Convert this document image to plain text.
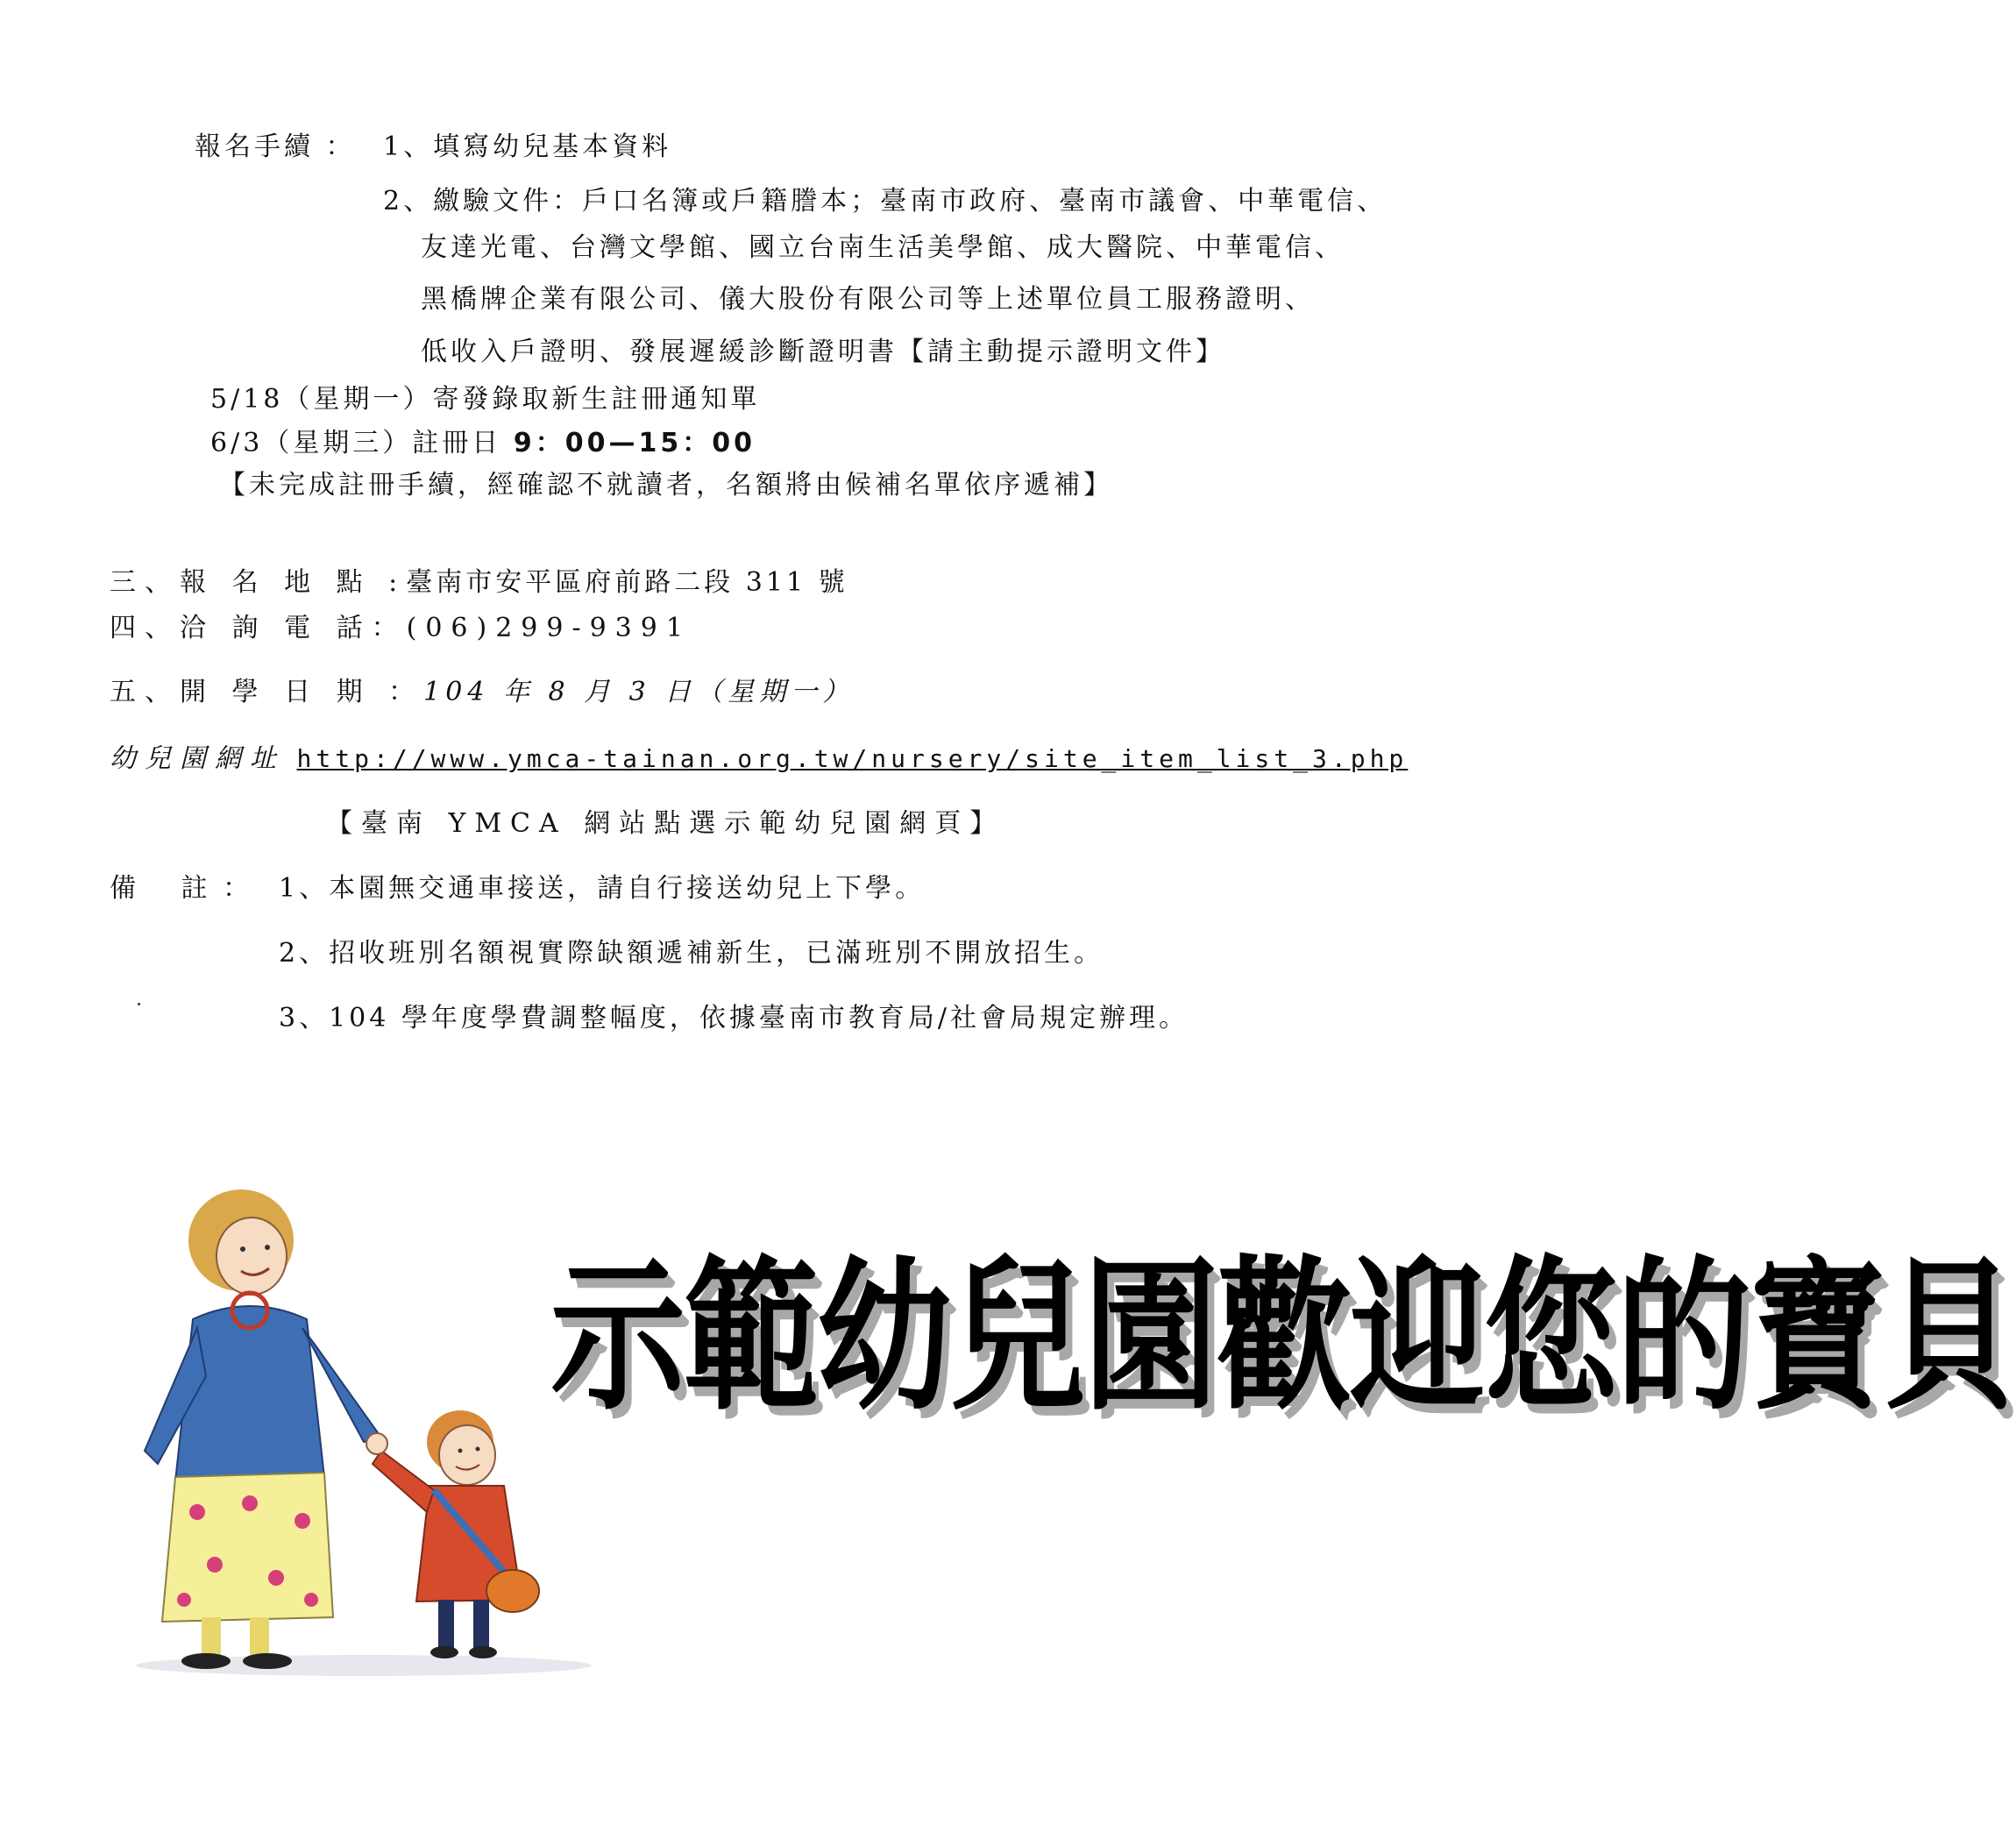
報名手續 ： 1、填寫幼兒基本資料
2、繳驗文件：戶口名簿或戶籍謄本；臺南市政府、臺南市議會、中華電信、
友達光電、台灣文學館、國立台南生活美學館、成大醫院、中華電信、
黑橋牌企業有限公司、儀大股份有限公司等上述單位員工服務證明、
低收入戶證明、發展遲緩診斷證明書【請主動提示證明文件】
5/18（星期一）寄發錄取新生註冊通知單
6/3（星期三）註冊日 9：00—15：00
【未完成註冊手續，經確認不就讀者，名額將由候補名單依序遞補】
三、報 名 地 點 :臺南市安平區府前路二段 311 號
四、洽 詢 電 話：(06)299-9391
五、開 學 日 期 ：104 年 8 月 3 日（星期一）
幼兒園網址 http://www.ymca-tainan.org.tw/nursery/site_item_list_3.php
【臺南 YMCA 網站點選示範幼兒園網頁】
備　 註 ： 1、本園無交通車接送，請自行接送幼兒上下學。
2、招收班別名額視實際缺額遞補新生，已滿班別不開放招生。
3、104 學年度學費調整幅度，依據臺南市教育局/社會局規定辦理。
示範幼兒園歡迎您的寶貝
